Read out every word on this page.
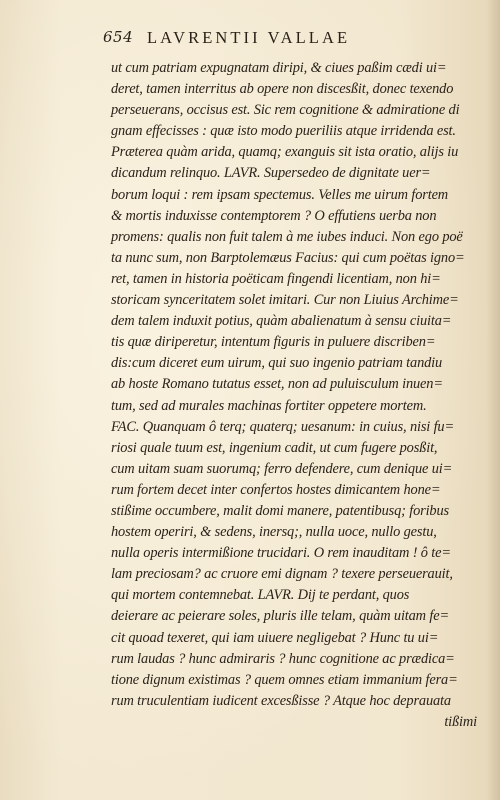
654 LAVRENTII VALLAE
ut cum patriam expugnatam diripi, & ciues paßim cædi ui=
deret, tamen interritus ab opere non discesßit, donec texendo
perseuerans, occisus est. Sic rem cognitione & admiratione di
gnam effecisses : quæ isto modo pueriliis atque irridenda est.
Præterea quàm arida, quamq; exanguis sit ista oratio, alijs iu
dicandum relinquo. LAVR. Supersedeo de dignitate uer=
borum loqui : rem ipsam spectemus. Velles me uirum fortem
& mortis induxisse contemptorem ? O effutiens uerba non
promens: qualis non fuit talem à me iubes induci. Non ego poë
ta nunc sum, non Barptolemæus Facius: qui cum poëtas igno=
ret, tamen in historia poëticam fingendi licentiam, non hi=
storicam synceritatem solet imitari. Cur non Liuius Archime=
dem talem induxit potius, quàm abalienatum à sensu ciuita=
tis quæ diriperetur, intentum figuris in puluere discriben=
dis:cum diceret eum uirum, qui suo ingenio patriam tandiu
ab hoste Romano tutatus esset, non ad puluisculum inuen=
tum, sed ad murales machinas fortiter oppetere mortem.
FAC. Quanquam ô terq; quaterq; uesanum: in cuius, nisi fu=
riosi quale tuum est, ingenium cadit, ut cum fugere posßit,
cum uitam suam suorumq; ferro defendere, cum denique ui=
rum fortem decet inter confertos hostes dimicantem hone=
stißime occumbere, malit domi manere, patentibusq; foribus
hostem operiri, & sedens, inersq;, nulla uoce, nullo gestu,
nulla operis intermißione trucidari. O rem inauditam ! ô te=
lam preciosam? ac cruore emi dignam ? texere perseuerauit,
qui mortem contemnebat. LAVR. Dij te perdant, quos
deierare ac peierare soles, pluris ille telam, quàm uitam fe=
cit quoad texeret, qui iam uiuere negligebat ? Hunc tu ui=
rum laudas ? hunc admiraris ? hunc cognitione ac prædica=
tione dignum existimas ? quem omnes etiam immanium fera=
rum truculentiam iudicent excesßisse ? Atque hoc deprauata
tißimi
